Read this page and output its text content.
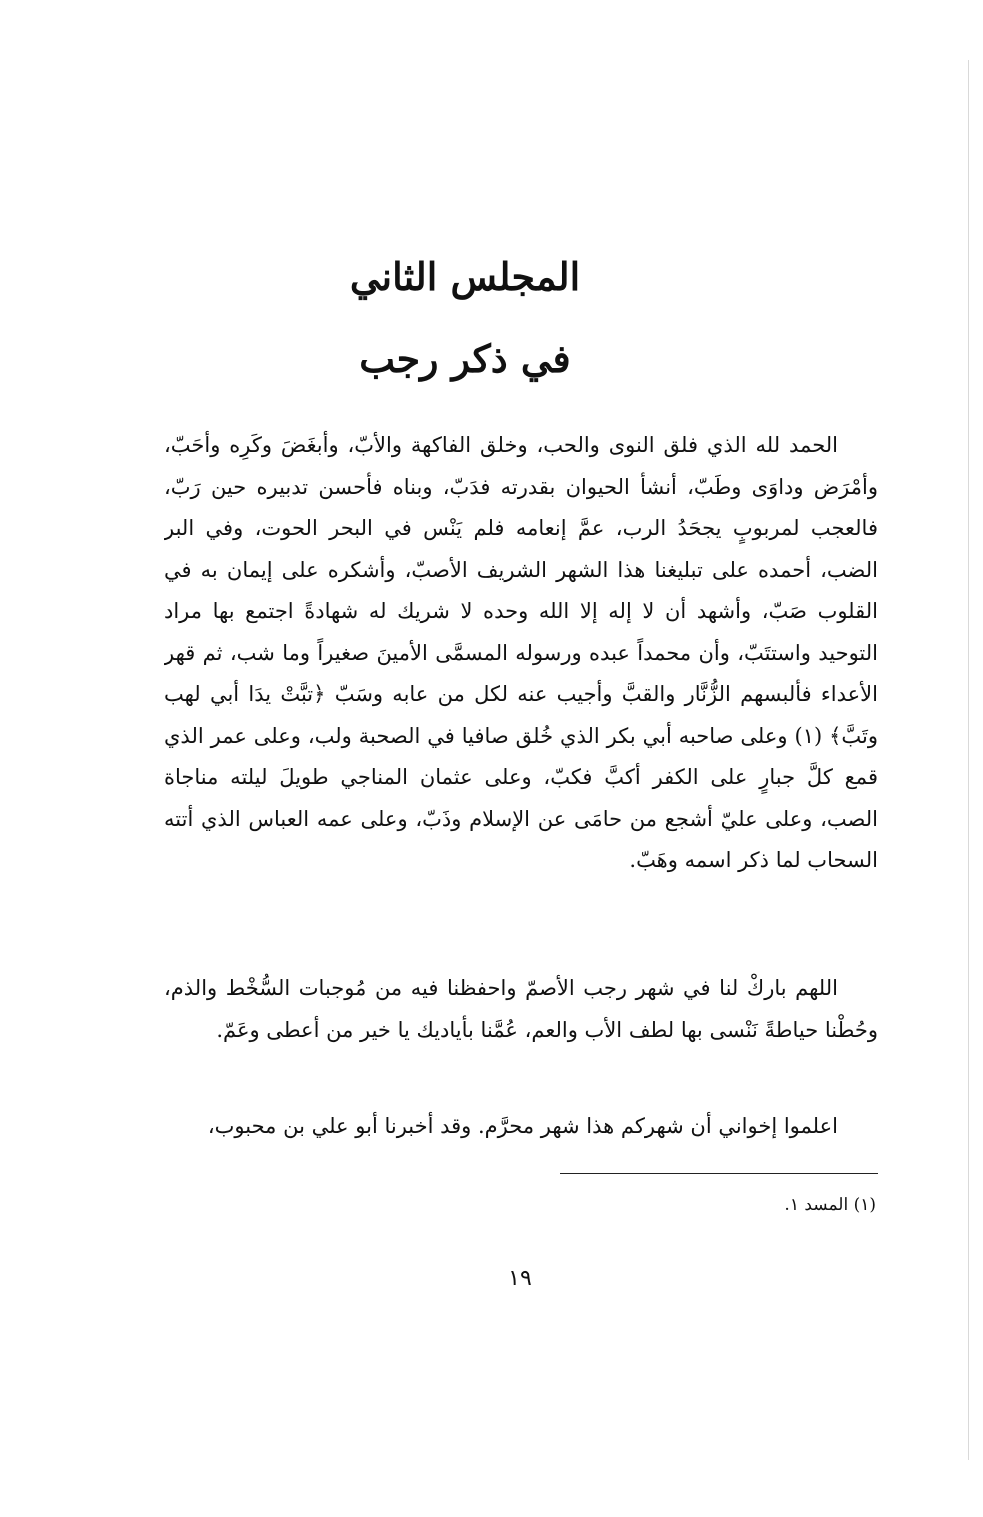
المجلس الثاني
في ذكر رجب
الحمد لله الذي فلق النوى والحب، وخلق الفاكهة والأبّ، وأبغَضَ وكَرِه وأحَبّ، وأمْرَض وداوَى وطَبّ، أنشأ الحيوان بقدرته فدَبّ، وبناه فأحسن تدبيره حين رَبّ، فالعجب لمربوبٍ يجحَدُ الرب، عمَّ إنعامه فلم يَنْس في البحر الحوت، وفي البر الضب، أحمده على تبليغنا هذا الشهر الشريف الأصبّ، وأشكره على إيمان به في القلوب صَبّ، وأشهد أن لا إله إلا الله وحده لا شريك له شهادةً اجتمع بها مراد التوحيد واستتَبّ، وأن محمداً عبده ورسوله المسمَّى الأمينَ صغيراً وما شب، ثم قهر الأعداء فألبسهم الزُّنَّار والقبَّ وأجيب عنه لكل من عابه وسَبّ ﴿تبَّتْ يدَا أبي لهب وتَبَّ﴾ (١) وعلى صاحبه أبي بكر الذي خُلق صافيا في الصحبة ولب، وعلى عمر الذي قمع كلَّ جبارٍ على الكفر أكبَّ فكبّ، وعلى عثمان المناجي طويلَ ليلته مناجاة الصب، وعلى عليّ أشجع من حامَى عن الإسلام وذَبّ، وعلى عمه العباس الذي أتته السحاب لما ذكر اسمه وهَبّ.
اللهم باركْ لنا في شهر رجب الأصمّ واحفظنا فيه من مُوجبات السُّخْط والذم، وحُطْنا حياطةً نَنْسى بها لطف الأب والعم، عُمَّنا بأياديك يا خير من أعطى وعَمّ.
اعلموا إخواني أن شهركم هذا شهر محرَّم. وقد أخبرنا أبو علي بن محبوب،
(١) المسد ١.
١٩
